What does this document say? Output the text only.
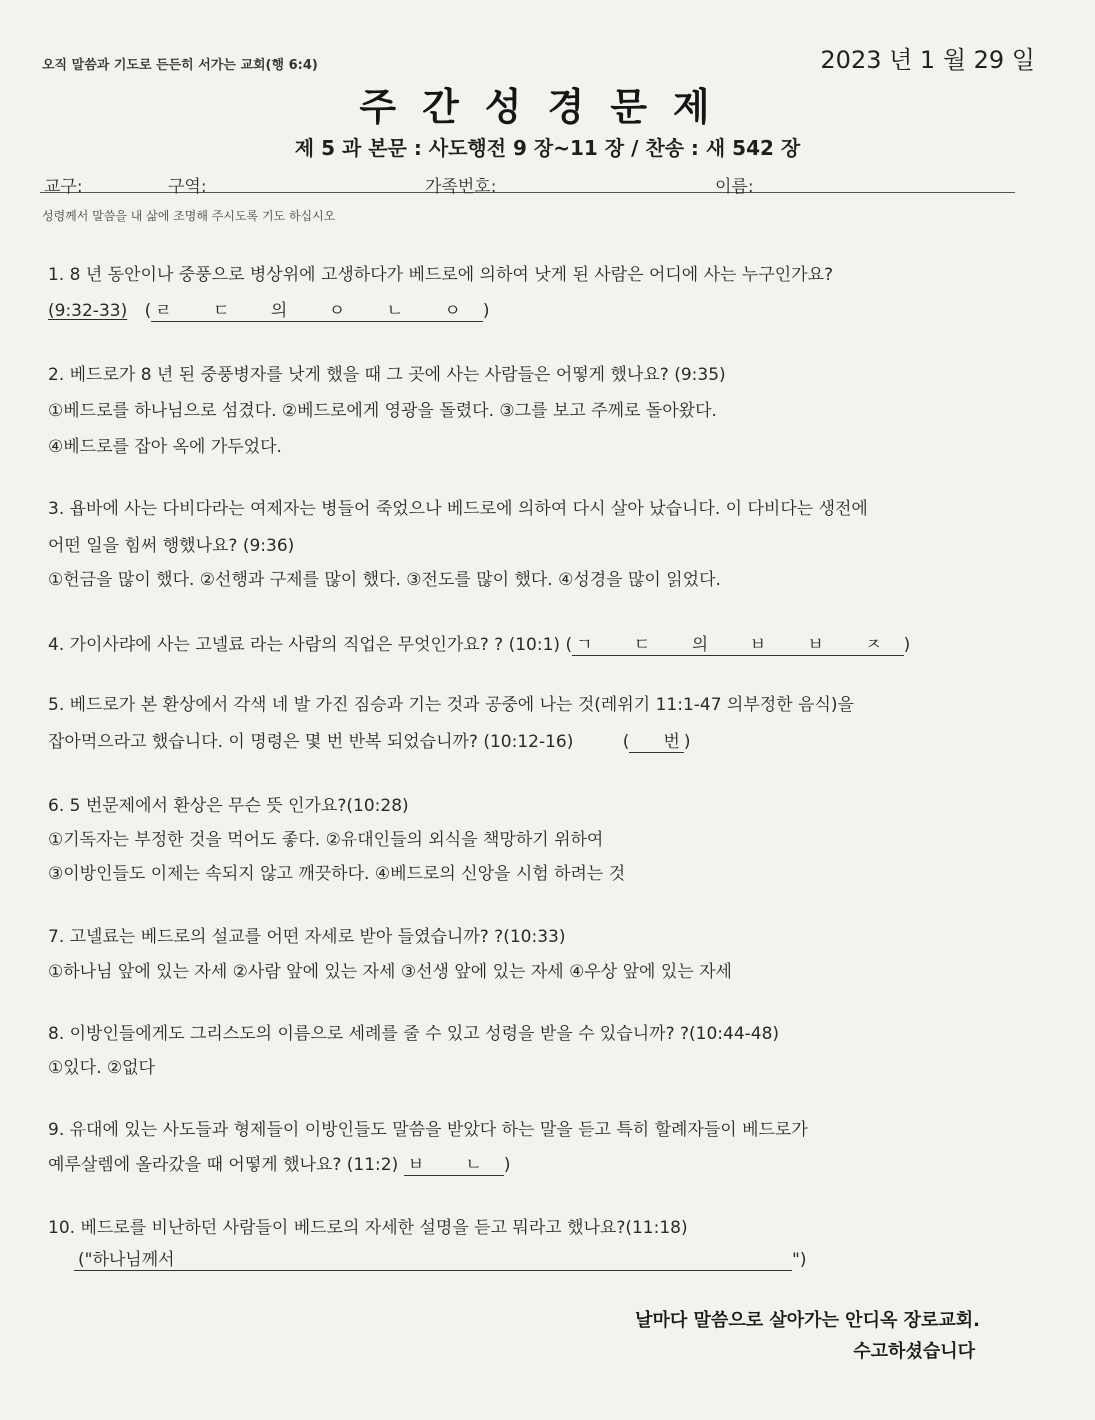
오직 말씀과 기도로 든든히 서가는 교회(행 6:4)	2023 년 1 월 29 일
주간성경문제
제 5 과 본문 : 사도행전 9 장~11 장 / 찬송 : 새 542 장
교구:	구역:	가족번호:	이름:
성령께서 말씀을 내 삶에 조명해 주시도록 기도 하십시오
1. 8 년 동안이나 중풍으로 병상위에 고생하다가 베드로에 의하여 낫게 된 사람은 어디에 사는 누구인가요?
(9:32-33) ( ㄹ ㄷ 의 ㅇ ㄴ ㅇ )
2. 베드로가 8 년 된 중풍병자를 낫게 했을 때 그 곳에 사는 사람들은 어떻게 했나요? (9:35)
①베드로를 하나님으로 섬겼다. ②베드로에게 영광을 돌렸다. ③그를 보고 주께로 돌아왔다.
④베드로를 잡아 옥에 가두었다.
3. 욥바에 사는 다비다라는 여제자는 병들어 죽었으나 베드로에 의하여 다시 살아 났습니다. 이 다비다는 생전에
어떤 일을 힘써 행했나요? (9:36)
①헌금을 많이 했다. ②선행과 구제를 많이 했다. ③전도를 많이 했다. ④성경을 많이 읽었다.
4. 가이사랴에 사는 고넬료 라는 사람의 직업은 무엇인가요? ? (10:1) ( ㄱ ㄷ 의 ㅂ ㅂ ㅈ )
5. 베드로가 본 환상에서 각색 네 발 가진 짐승과 기는 것과 공중에 나는 것(레위기 11:1-47 의부정한 음식)을
잡아먹으라고 했습니다. 이 명령은 몇 번 반복 되었습니까? (10:12-16)	( 번 )
6. 5 번문제에서 환상은 무슨 뜻 인가요?(10:28)
①기독자는 부정한 것을 먹어도 좋다. ②유대인들의 외식을 책망하기 위하여
③이방인들도 이제는 속되지 않고 깨끗하다. ④베드로의 신앙을 시험 하려는 것
7. 고넬료는 베드로의 설교를 어떤 자세로 받아 들였습니까? ?(10:33)
①하나님 앞에 있는 자세 ②사람 앞에 있는 자세 ③선생 앞에 있는 자세 ④우상 앞에 있는 자세
8. 이방인들에게도 그리스도의 이름으로 세례를 줄 수 있고 성령을 받을 수 있습니까? ?(10:44-48)
①있다. ②없다
9. 유대에 있는 사도들과 형제들이 이방인들도 말씀을 받았다 하는 말을 듣고 특히 할례자들이 베드로가
예루살렘에 올라갔을 때 어떻게 했나요? (11:2) ㅂ ㄴ )
10. 베드로를 비난하던 사람들이 베드로의 자세한 설명을 듣고 뭐라고 했나요?(11:18)
("하나님께서	")
날마다 말씀으로 살아가는 안디옥 장로교회.
수고하셨습니다
